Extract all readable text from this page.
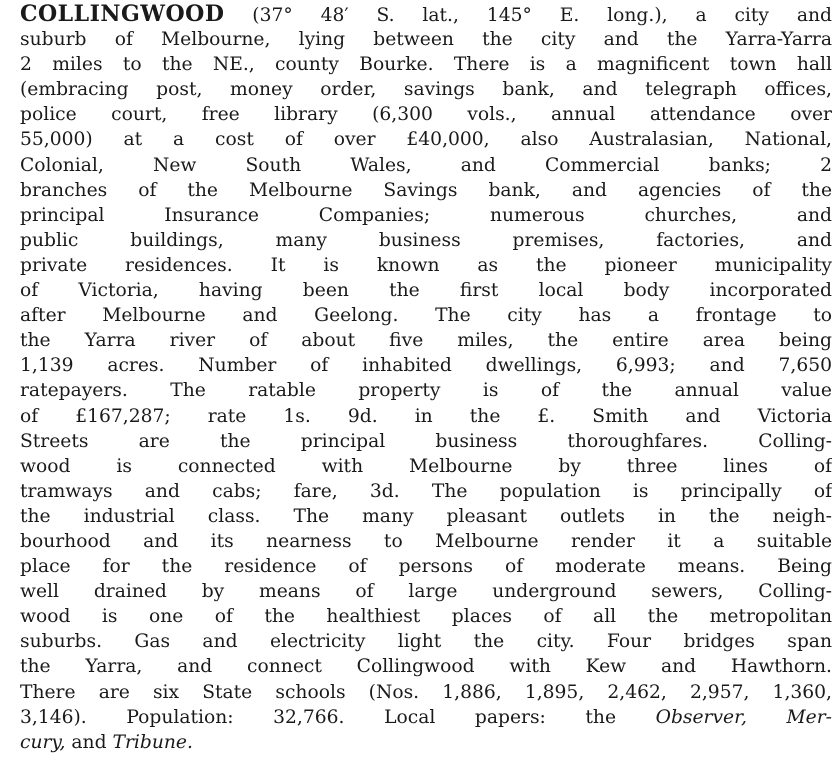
COLLINGWOOD (37° 48′ S. lat., 145° E. long.), a city and
suburb of Melbourne, lying between the city and the Yarra-Yarra
2 miles to the NE., county Bourke. There is a magnificent town hall
(embracing post, money order, savings bank, and telegraph offices,
police court, free library (6,300 vols., annual attendance over
55,000) at a cost of over £40,000, also Australasian, National,
Colonial, New South Wales, and Commercial banks; 2
branches of the Melbourne Savings bank, and agencies of the
principal Insurance Companies; numerous churches, and
public buildings, many business premises, factories, and
private residences. It is known as the pioneer municipality
of Victoria, having been the first local body incorporated
after Melbourne and Geelong. The city has a frontage to
the Yarra river of about five miles, the entire area being
1,139 acres. Number of inhabited dwellings, 6,993; and 7,650
ratepayers. The ratable property is of the annual value
of £167,287; rate 1s. 9d. in the £. Smith and Victoria
Streets are the principal business thoroughfares. Colling-
wood is connected with Melbourne by three lines of
tramways and cabs; fare, 3d. The population is principally of
the industrial class. The many pleasant outlets in the neigh-
bourhood and its nearness to Melbourne render it a suitable
place for the residence of persons of moderate means. Being
well drained by means of large underground sewers, Colling-
wood is one of the healthiest places of all the metropolitan
suburbs. Gas and electricity light the city. Four bridges span
the Yarra, and connect Collingwood with Kew and Hawthorn.
There are six State schools (Nos. 1,886, 1,895, 2,462, 2,957, 1,360,
3,146). Population: 32,766. Local papers: the Observer, Mer-
cury, and Tribune.
